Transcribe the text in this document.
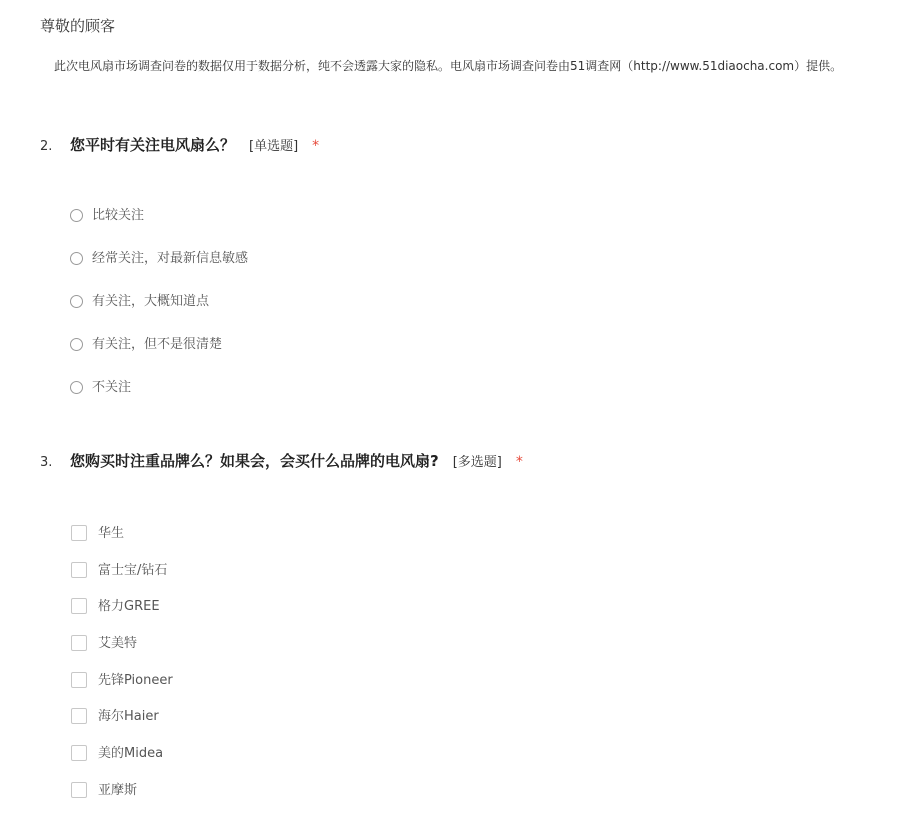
尊敬的顾客
此次电风扇市场调查问卷的数据仅用于数据分析，纯不会透露大家的隐私。电风扇市场调查问卷由51调查网（http://www.51diaocha.com）提供。
2.	您平时有关注电风扇么？ [单选题] *
比较关注
经常关注，对最新信息敏感
有关注，大概知道点
有关注，但不是很清楚
不关注
3.	您购买时注重品牌么？如果会，会买什么品牌的电风扇? [多选题] *
华生
富士宝/钻石
格力GREE
艾美特
先锋Pioneer
海尔Haier
美的Midea
亚摩斯
